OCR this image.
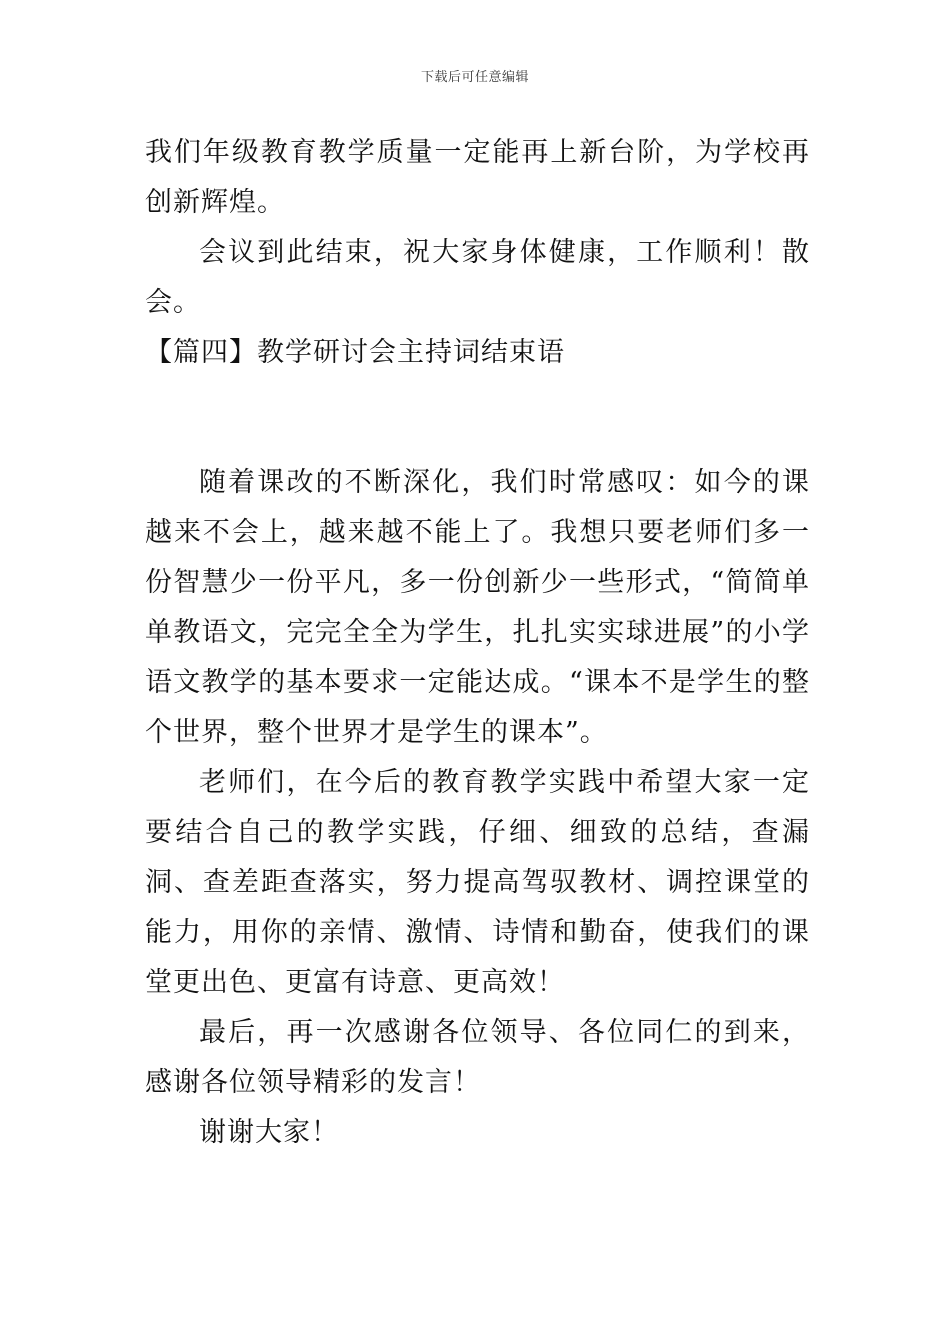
下载后可任意编辑

我们年级教育教学质量一定能再上新台阶，为学校再创新辉煌。

会议到此结束，祝大家身体健康，工作顺利！散会。

【篇四】教学研讨会主持词结束语

随着课改的不断深化，我们时常感叹：如今的课越来不会上，越来越不能上了。我想只要老师们多一份智慧少一份平凡，多一份创新少一些形式，“简简单单教语文，完完全全为学生，扎扎实实球进展”的小学语文教学的基本要求一定能达成。“课本不是学生的整个世界，整个世界才是学生的课本”。

老师们，在今后的教育教学实践中希望大家一定要结合自己的教学实践，仔细、细致的总结，查漏洞、查差距查落实，努力提高驾驭教材、调控课堂的能力，用你的亲情、激情、诗情和勤奋，使我们的课堂更出色、更富有诗意、更高效！

最后，再一次感谢各位领导、各位同仁的到来，感谢各位领导精彩的发言！

谢谢大家！
